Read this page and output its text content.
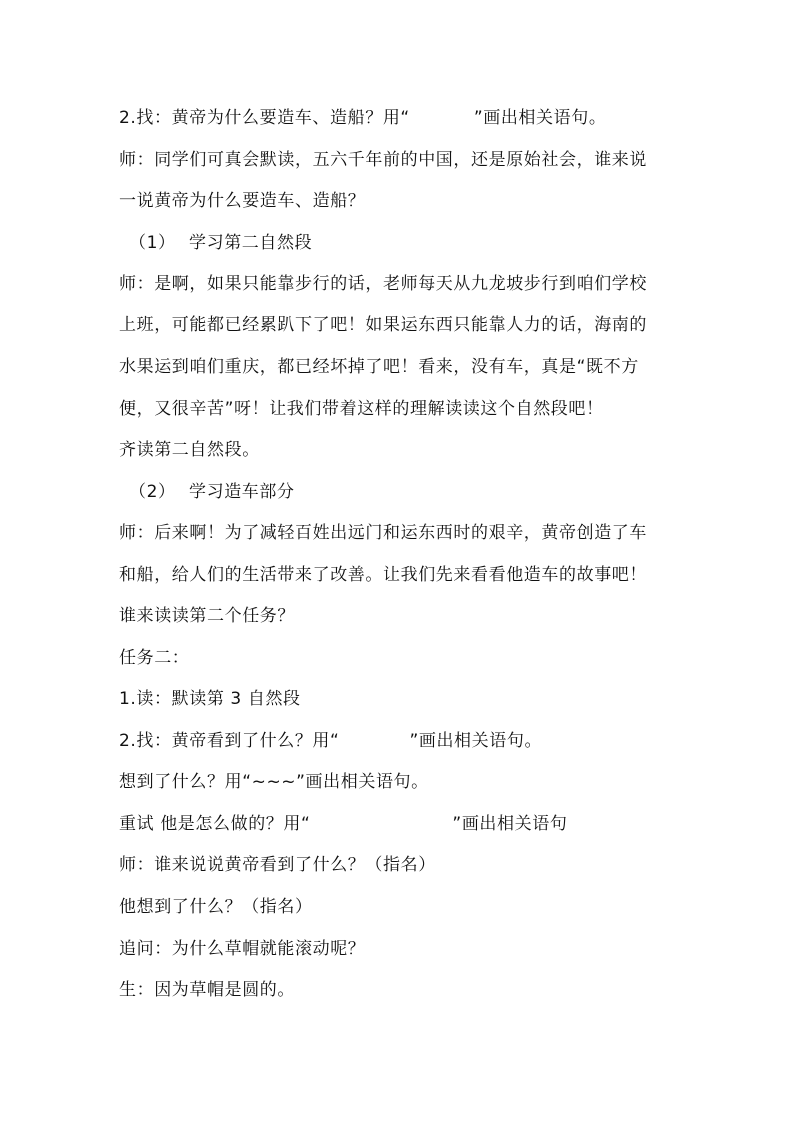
2.找：黄帝为什么要造车、造船？用“	”画出相关语句。
师：同学们可真会默读，五六千年前的中国，还是原始社会，谁来说
一说黄帝为什么要造车、造船？
（1） 学习第二自然段
师：是啊，如果只能靠步行的话，老师每天从九龙坡步行到咱们学校
上班，可能都已经累趴下了吧！如果运东西只能靠人力的话，海南的
水果运到咱们重庆，都已经坏掉了吧！看来，没有车，真是“既不方
便，又很辛苦”呀！让我们带着这样的理解读读这个自然段吧！
齐读第二自然段。
（2） 学习造车部分
师：后来啊！为了减轻百姓出远门和运东西时的艰辛，黄帝创造了车
和船，给人们的生活带来了改善。让我们先来看看他造车的故事吧！
谁来读读第二个任务？
任务二：
1.读：默读第 3 自然段
2.找：黄帝看到了什么？用“	”画出相关语句。
想到了什么？用“~~~”画出相关语句。
重试 他是怎么做的？用“	”画出相关语句
师：谁来说说黄帝看到了什么？（指名）
他想到了什么？（指名）
追问：为什么草帽就能滚动呢？
生：因为草帽是圆的。
